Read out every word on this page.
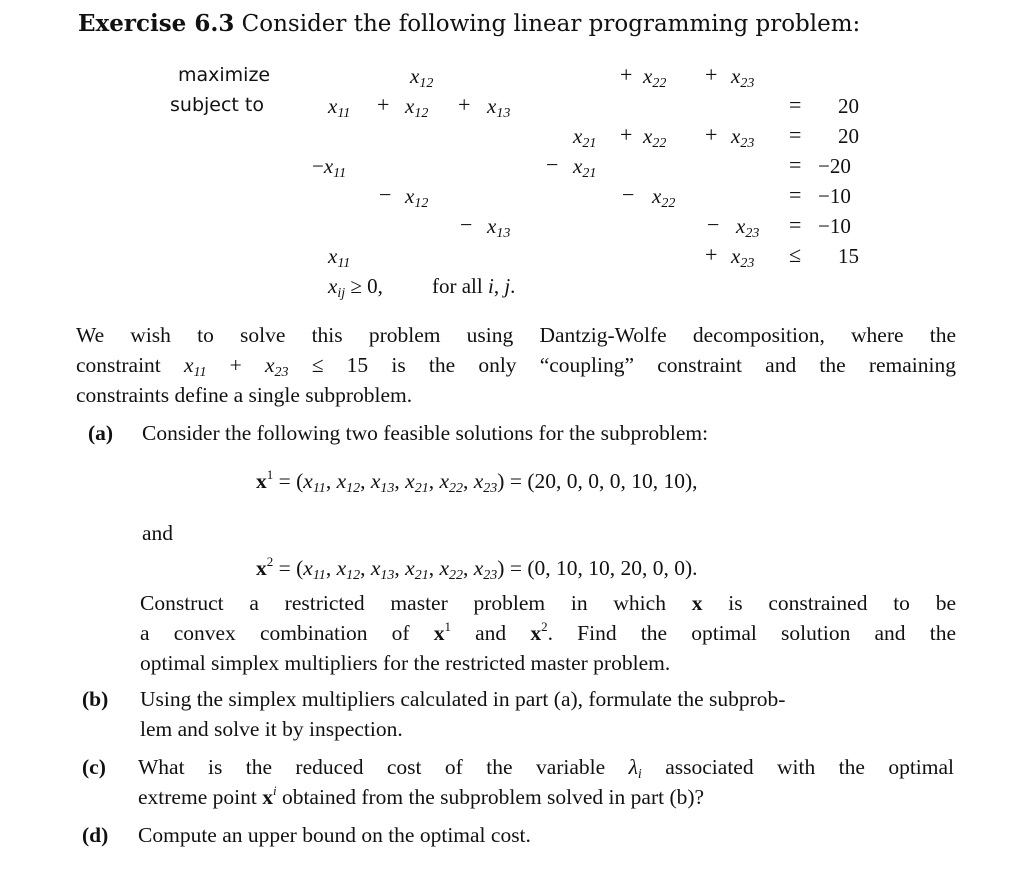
Exercise 6.3 Consider the following linear programming problem:
maximize	$x_{12}$	+ $x_{22} + x_{23}$
subject to	$x_{11} + x_{12} + x_{13}$	= 20
$x_{21} + x_{22} + x_{23} = 20$
$-x_{11}$	− $x_{21}$	= −20
− $x_{12}$	− $x_{22}$	= −10
− $x_{13}$	− $x_{23} = -10$
$x_{11}$	+ $x_{23} \le 15$
$x_{ij} \ge 0$, for all i, j.
We wish to solve this problem using Dantzig-Wolfe decomposition, where the
constraint $x_{11} + x_{23} \le 15$ is the only “coupling” constraint and the remaining
constraints define a single subproblem.
(a) Consider the following two feasible solutions for the subproblem:
$x^1 = (x_{11}$, $x_{12}$, $x_{13}$, $x_{21}$, $x_{22}$, $x_{23}) = (20$, 0, 0, 0, 10, 10),
and
$x^2 = (x_{11}$, $x_{12}$, $x_{13}$, $x_{21}$, $x_{22}$, $x_{23}) = (0$, 10, 10, 20, 0, 0).
Construct a restricted master problem in which x is constrained to be
a convex combination of $x^1$ and $x^2$. Find the optimal solution and the
optimal simplex multipliers for the restricted master problem.
(b) Using the simplex multipliers calculated in part (a), formulate the subprob-
lem and solve it by inspection.
(c) What is the reduced cost of the variable $\lambda_i$ associated with the optimal
extreme point $x^i$ obtained from the subproblem solved in part (b)?
(d) Compute an upper bound on the optimal cost.
